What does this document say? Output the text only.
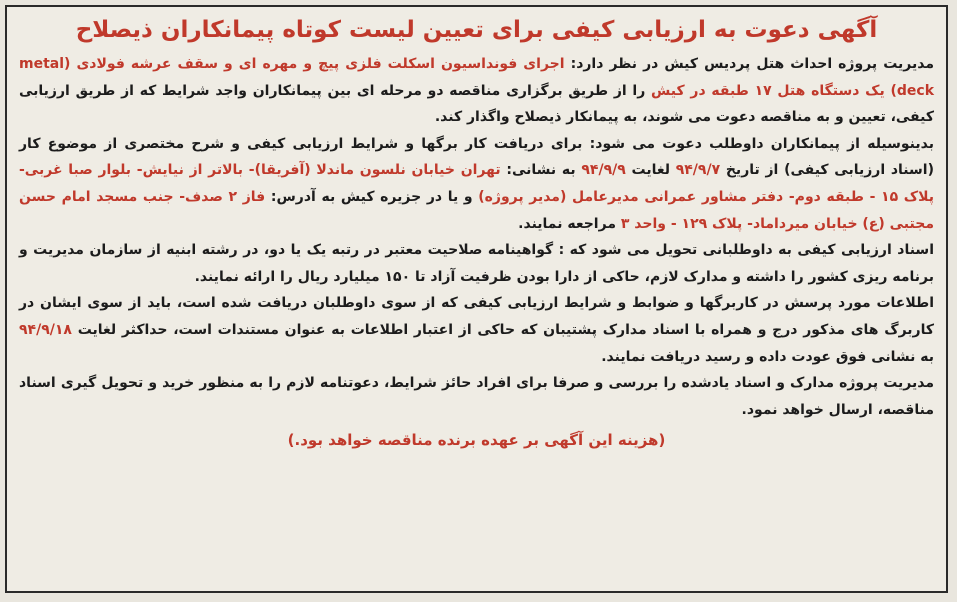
آگهی دعوت به ارزیابی کیفی برای تعیین لیست کوتاه پیمانکاران ذیصلاح

مدیریت پروژه احداث هتل پردیس کیش در نظر دارد: اجرای فونداسیون اسکلت فلزی پیچ و مهره ای و سقف عرشه فولادی (metal deck) یک دستگاه هتل ۱۷ طبقه در کیش را از طریق برگزاری مناقصه دو مرحله ای بین پیمانکاران واجد شرایط که از طریق ارزیابی کیفی، تعیین و به مناقصه دعوت می شوند، به پیمانکار ذیصلاح واگذار کند.

بدینوسیله از پیمانکاران داوطلب دعوت می شود: برای دریافت کار برگها و شرایط ارزیابی کیفی و شرح مختصری از موضوع کار (اسناد ارزیابی کیفی) از تاریخ ۹۴/۹/۷ لغایت ۹۴/۹/۹ به نشانی: تهران خیابان نلسون ماندلا (آفریقا)- بالاتر از نیایش- بلوار صبا غربی- پلاک ۱۵ - طبقه دوم- دفتر مشاور عمرانی مدیرعامل (مدیر پروژه) و یا در جزیره کیش به آدرس: فاز ۲ صدف- جنب مسجد امام حسن مجتبی (ع) خیابان میرداماد- پلاک ۱۲۹ - واحد ۳ مراجعه نمایند.

اسناد ارزیابی کیفی به داوطلبانی تحویل می شود که : گواهینامه صلاحیت معتبر در رتبه یک یا دو، در رشته ابنیه از سازمان مدیریت و برنامه ریزی کشور را داشته و مدارک لازم، حاکی از دارا بودن ظرفیت آزاد تا ۱۵۰ میلیارد ریال را ارائه نمایند.

اطلاعات مورد پرسش در کاربرگها و ضوابط و شرایط ارزیابی کیفی که از سوی داوطلبان دریافت شده است، باید از سوی ایشان در کاربرگ های مذکور درج و همراه با اسناد مدارک پشتیبان که حاکی از اعتبار اطلاعات به عنوان مستندات است، حداکثر لغایت ۹۴/۹/۱۸ به نشانی فوق عودت داده و رسید دریافت نمایند.

مدیریت پروژه مدارک و اسناد یادشده را بررسی و صرفا برای افراد حائز شرایط، دعوتنامه لازم را به منظور خرید و تحویل گیری اسناد مناقصه، ارسال خواهد نمود.

(هزینه این آگهی بر عهده برنده مناقصه خواهد بود.)
